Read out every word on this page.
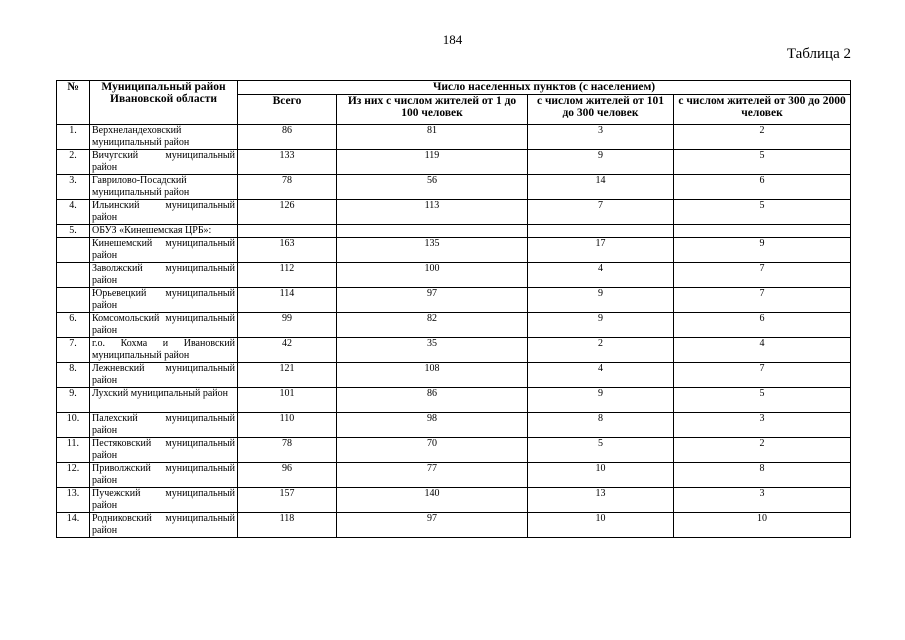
184
Таблица 2
№	Муниципальный район Ивановской области	Число населенных пунктов (с населением)			
		Всего	Из них с числом жителей от 1 до 100 человек	с числом жителей от 101 до 300 человек	с числом жителей от 300 до 2000 человек
1.	Верхнеландеховский муниципальный район	86	81	3	2
2.	Вичугский муниципальный район	133	119	9	5
3.	Гаврилово-Посадский муниципальный район	78	56	14	6
4.	Ильинский муниципальный район	126	113	7	5
5.	ОБУЗ «Кинешемская ЦРБ»:				
	Кинешемский муниципальный район	163	135	17	9
	Заволжский муниципальный район	112	100	4	7
	Юрьевецкий муниципальный район	114	97	9	7
6.	Комсомольский муниципальный район	99	82	9	6
7.	г.о. Кохма и Ивановский муниципальный район	42	35	2	4
8.	Лежневский муниципальный район	121	108	4	7
9.	Лухский муниципальный район	101	86	9	5
10.	Палехский муниципальный район	110	98	8	3
11.	Пестяковский муниципальный район	78	70	5	2
12.	Приволжский муниципальный район	96	77	10	8
13.	Пучежский муниципальный район	157	140	13	3
14.	Родниковский муниципальный район	118	97	10	10
